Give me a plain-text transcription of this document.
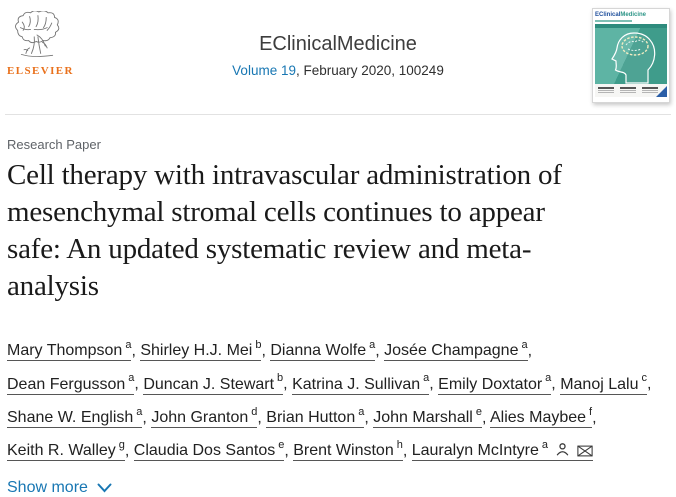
ELSEVIER
EClinicalMedicine
Volume 19, February 2020, 100249
EClinicalMedicine
Research Paper
Cell therapy with intravascular administration of mesenchymal stromal cells continues to appear safe: An updated systematic review and meta-analysis
Mary Thompson $^a$, Shirley H.J. Mei $^b$, Dianna Wolfe $^a$, Josée Champagne $^a$, Dean Fergusson $^a$, Duncan J. Stewart $^b$, Katrina J. Sullivan $^a$, Emily Doxtator $^a$, Manoj Lalu $^c$, Shane W. English $^a$, John Granton $^d$, Brian Hutton $^a$, John Marshall $^e$, Alies Maybee $^f$, Keith R. Walley $^g$, Claudia Dos Santos $^e$, Brent Winston $^h$, Lauralyn McIntyre $^a$
Show more
